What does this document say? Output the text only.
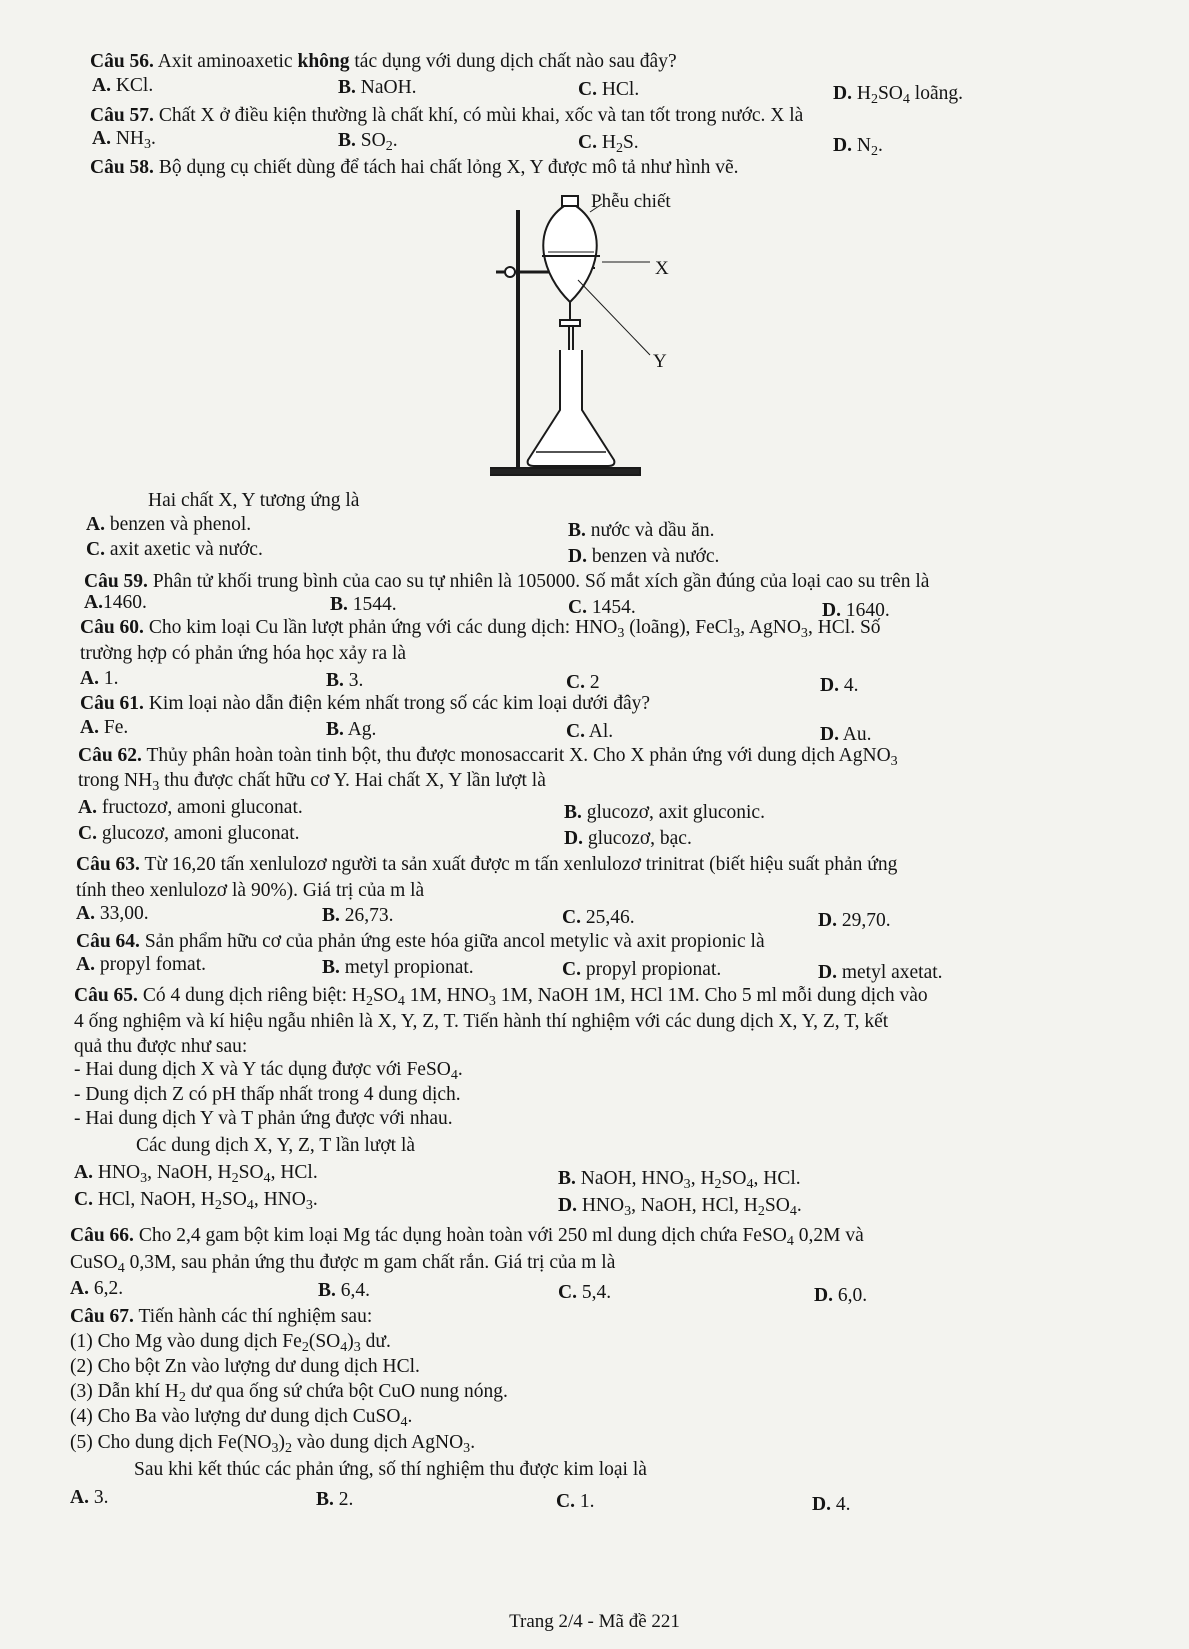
Câu 56. Axit aminoaxetic không tác dụng với dung dịch chất nào sau đây?
A. KCl.	B. NaOH.	C. HCl.	D. $H_2SO_4$ loãng.
Câu 57. Chất X ở điều kiện thường là chất khí, có mùi khai, xốc và tan tốt trong nước. X là
A. $NH_3$.	B. $SO_2$.	C. $H_2S$.	D. $N_2$.
Câu 58. Bộ dụng cụ chiết dùng để tách hai chất lỏng X, Y được mô tả như hình vẽ.
Phễu chiết
X
Y
Hai chất X, Y tương ứng là
A. benzen và phenol.	B. nước và dầu ăn.
C. axit axetic và nước.	D. benzen và nước.
Câu 59. Phân tử khối trung bình của cao su tự nhiên là 105000. Số mắt xích gần đúng của loại cao su trên là
A.1460.	B. 1544.	C. 1454.	D. 1640.
Câu 60. Cho kim loại Cu lần lượt phản ứng với các dung dịch: $HNO_3$ (loãng), FeCl$_3$, AgNO$_3$, HCl. Số
trường hợp có phản ứng hóa học xảy ra là
A. 1.	B. 3.	C. 2	D. 4.
Câu 61. Kim loại nào dẫn điện kém nhất trong số các kim loại dưới đây?
A. Fe.	B. Ag.	C. Al.	D. Au.
Câu 62. Thủy phân hoàn toàn tinh bột, thu được monosaccarit X. Cho X phản ứng với dung dịch AgNO$_3$
trong $NH_3$ thu được chất hữu cơ Y. Hai chất X, Y lần lượt là
A. fructozơ, amoni gluconat.	B. glucozơ, axit gluconic.
C. glucozơ, amoni gluconat.	D. glucozơ, bạc.
Câu 63. Từ 16,20 tấn xenlulozơ người ta sản xuất được m tấn xenlulozơ trinitrat (biết hiệu suất phản ứng
tính theo xenlulozơ là 90%). Giá trị của m là
A. 33,00.	B. 26,73.	C. 25,46.	D. 29,70.
Câu 64. Sản phẩm hữu cơ của phản ứng este hóa giữa ancol metylic và axit propionic là
A. propyl fomat.	B. metyl propionat.	C. propyl propionat.	D. metyl axetat.
Câu 65. Có 4 dung dịch riêng biệt: $H_2SO_4$ 1M, $HNO_3$ 1M, NaOH 1M, HCl 1M. Cho 5 ml mỗi dung dịch vào
4 ống nghiệm và kí hiệu ngẫu nhiên là X, Y, Z, T. Tiến hành thí nghiệm với các dung dịch X, Y, Z, T, kết
quả thu được như sau:
- Hai dung dịch X và Y tác dụng được với FeSO$_4$.
- Dung dịch Z có pH thấp nhất trong 4 dung dịch.
- Hai dung dịch Y và T phản ứng được với nhau.
Các dung dịch X, Y, Z, T lần lượt là
A. $HNO_3$, NaOH, $H_2SO_4$, HCl.	B. NaOH, $HNO_3$, $H_2SO_4$, HCl.
C. HCl, NaOH, $H_2SO_4$, $HNO_3$.	D. $HNO_3$, NaOH, HCl, $H_2SO_4$.
Câu 66. Cho 2,4 gam bột kim loại Mg tác dụng hoàn toàn với 250 ml dung dịch chứa FeSO$_4$ 0,2M và
CuSO$_4$ 0,3M, sau phản ứng thu được m gam chất rắn. Giá trị của m là
A. 6,2.	B. 6,4.	C. 5,4.	D. 6,0.
Câu 67. Tiến hành các thí nghiệm sau:
(1) Cho Mg vào dung dịch $Fe_2(SO_4)_3$ dư.
(2) Cho bột Zn vào lượng dư dung dịch HCl.
(3) Dẫn khí $H_2$ dư qua ống sứ chứa bột CuO nung nóng.
(4) Cho Ba vào lượng dư dung dịch CuSO$_4$.
(5) Cho dung dịch $Fe(NO_3)_2$ vào dung dịch AgNO$_3$.
Sau khi kết thúc các phản ứng, số thí nghiệm thu được kim loại là
A. 3.	B. 2.	C. 1.	D. 4.
Trang 2/4 - Mã đề 221
